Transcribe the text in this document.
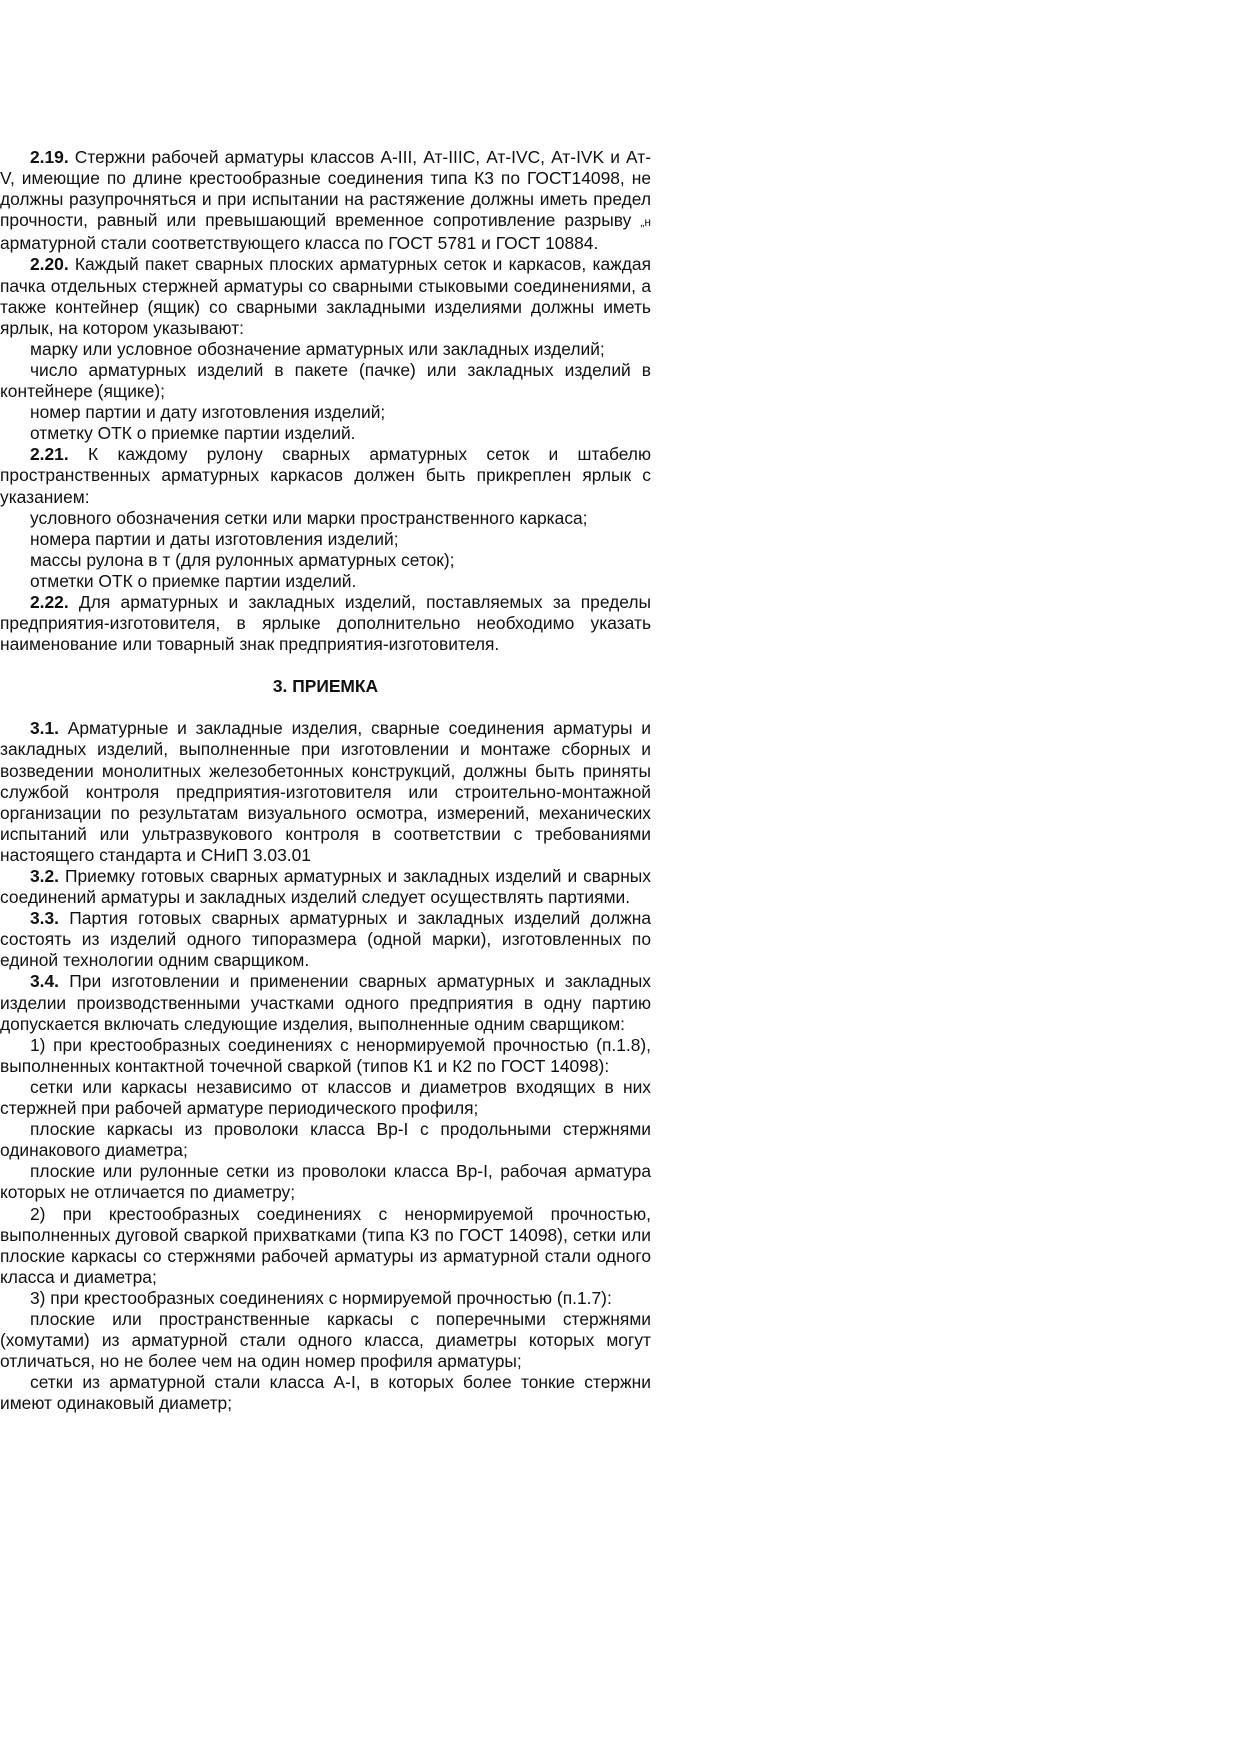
2.19. Стержни рабочей арматуры классов А-III, Ат-IIIC, Ат-IVC, Ат-IVK и Ат-V, имеющие по длине крестообразные соединения типа К3 по ГОСТ14098, не должны разупрочняться и при испытании на растяжение должны иметь предел прочности, равный или превышающий временное сопротивление разрыву „н арматурной стали соответствующего класса по ГОСТ 5781 и ГОСТ 10884.

2.20. Каждый пакет сварных плоских арматурных сеток и каркасов, каждая пачка отдельных стержней арматуры со сварными стыковыми соединениями, а также контейнер (ящик) со сварными закладными изделиями должны иметь ярлык, на котором указывают:

марку или условное обозначение арматурных или закладных изделий;

число арматурных изделий в пакете (пачке) или закладных изделий в контейнере (ящике);

номер партии и дату изготовления изделий;

отметку ОТК о приемке партии изделий.

2.21. К каждому рулону сварных арматурных сеток и штабелю пространственных арматурных каркасов должен быть прикреплен ярлык с указанием:

условного обозначения сетки или марки пространственного каркаса;

номера партии и даты изготовления изделий;

массы рулона в т (для рулонных арматурных сеток);

отметки ОТК о приемке партии изделий.

2.22. Для арматурных и закладных изделий, поставляемых за пределы предприятия-изготовителя, в ярлыке дополнительно необходимо указать наименование или товарный знак предприятия-изготовителя.

3. ПРИЕМКА

3.1. Арматурные и закладные изделия, сварные соединения арматуры и закладных изделий, выполненные при изготовлении и монтаже сборных и возведении монолитных железобетонных конструкций, должны быть приняты службой контроля предприятия-изготовителя или строительно-монтажной организации по результатам визуального осмотра, измерений, механических испытаний или ультразвукового контроля в соответствии с требованиями настоящего стандарта и СНиП 3.03.01

3.2. Приемку готовых сварных арматурных и закладных изделий и сварных соединений арматуры и закладных изделий следует осуществлять партиями.

3.3. Партия готовых сварных арматурных и закладных изделий должна состоять из изделий одного типоразмера (одной марки), изготовленных по единой технологии одним сварщиком.

3.4. При изготовлении и применении сварных арматурных и закладных изделии производственными участками одного предприятия в одну партию допускается включать следующие изделия, выполненные одним сварщиком:

1) при крестообразных соединениях с ненормируемой прочностью (п.1.8), выполненных контактной точечной сваркой (типов К1 и К2 по ГОСТ 14098):

сетки или каркасы независимо от классов и диаметров входящих в них стержней при рабочей арматуре периодического профиля;

плоские каркасы из проволоки класса Вр-I с продольными стержнями одинакового диаметра;

плоские или рулонные сетки из проволоки класса Вр-I, рабочая арматура которых не отличается по диаметру;

2) при крестообразных соединениях с ненормируемой прочностью, выполненных дуговой сваркой прихватками (типа К3 по ГОСТ 14098), сетки или плоские каркасы со стержнями рабочей арматуры из арматурной стали одного класса и диаметра;

3) при крестообразных соединениях с нормируемой прочностью (п.1.7):

плоские или пространственные каркасы с поперечными стержнями (хомутами) из арматурной стали одного класса, диаметры которых могут отличаться, но не более чем на один номер профиля арматуры;

сетки из арматурной стали класса А-I, в которых более тонкие стержни имеют одинаковый диаметр;
